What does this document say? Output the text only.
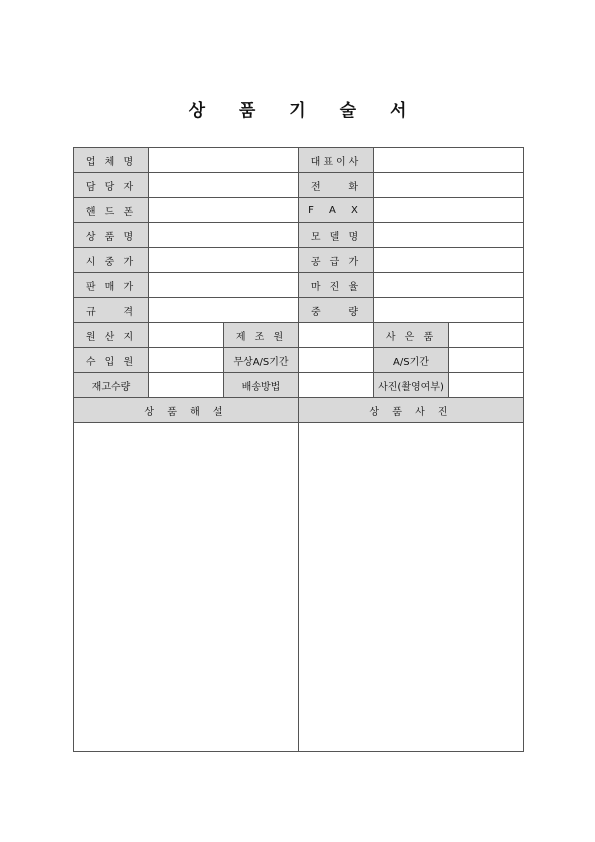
상 품 기 술 서
업 체 명			대표이사		
담 당 자			전    화		
핸 드 폰			F A X		
상 품 명			모 델 명		
시 중 가			공 급 가		
판 매 가			마 진 율		
규    격			중    량		
원 산 지		제 조 원		사 은 품	
수 입 원		무상A/S기간		A/S기간	
재고수량		배송방법		사진(촬영여부)	
상 품 해 설			상 품 사 진		
